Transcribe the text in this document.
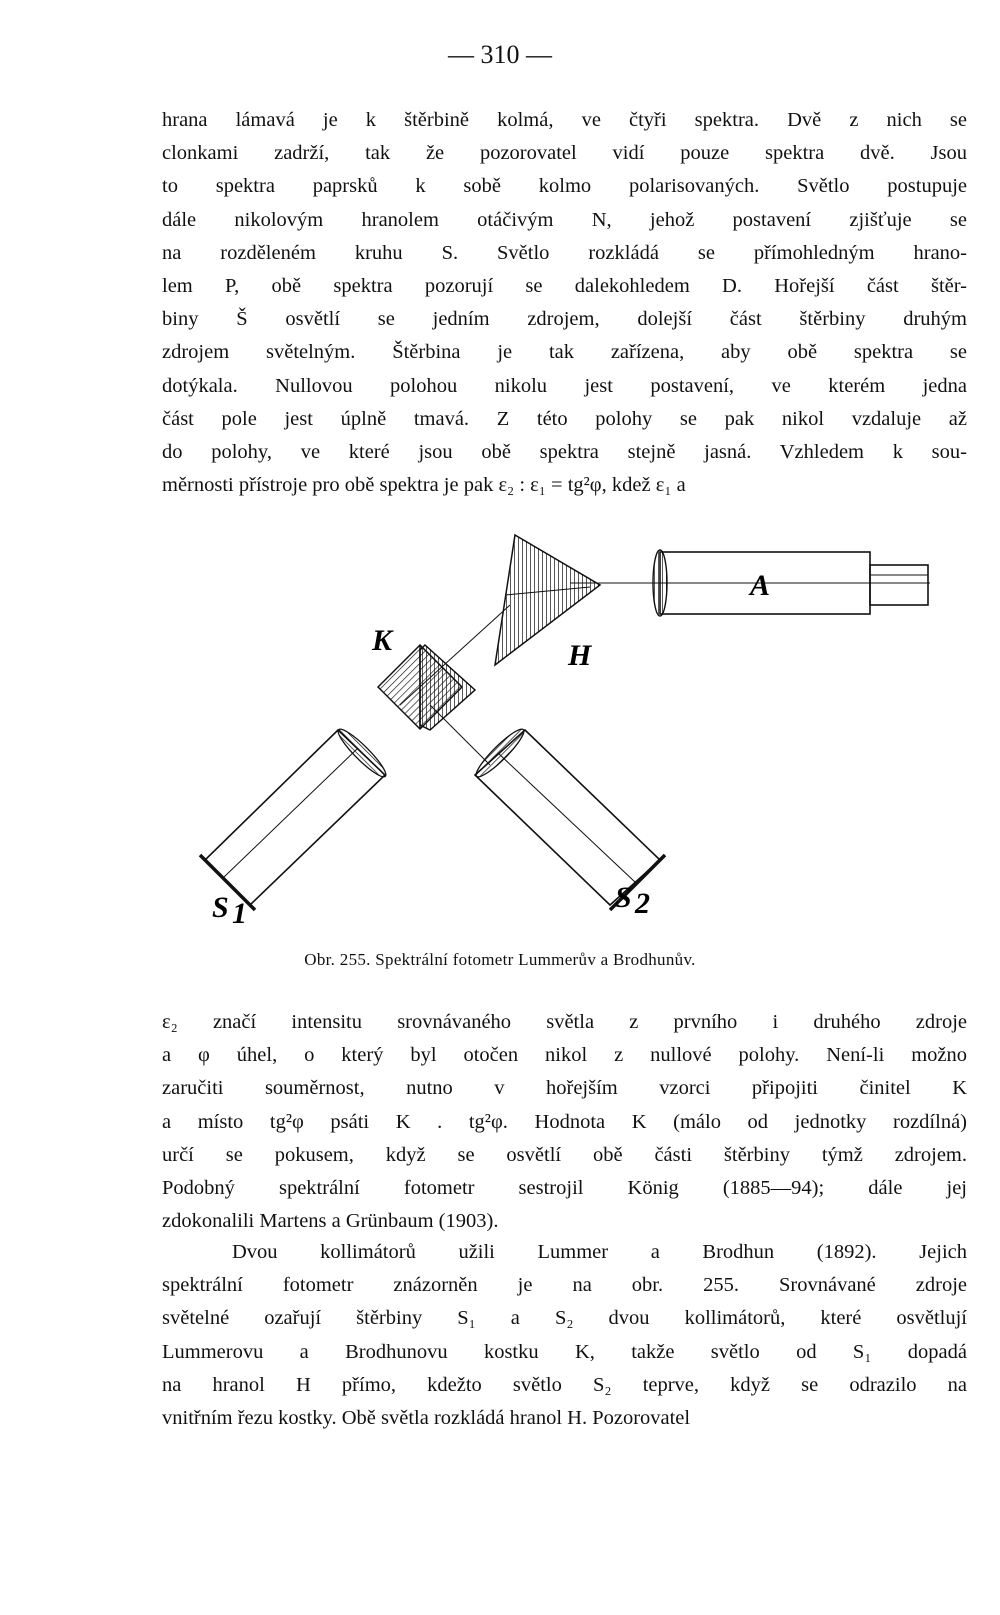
— 310 —
hrana lámavá je k štěrbině kolmá, ve čtyři spektra. Dvě z nich se
clonkami zadrží, tak že pozorovatel vidí pouze spektra dvě. Jsou
to spektra paprsků k sobě kolmo polarisovaných. Světlo postupuje
dále nikolovým hranolem otáčivým N, jehož postavení zjišťuje se
na rozděleném kruhu S. Světlo rozkládá se přímohledným hrano-
lem P, obě spektra pozorují se dalekohledem D. Hořejší část štěr-
biny Š osvětlí se jedním zdrojem, dolejší část štěrbiny druhým
zdrojem světelným. Štěrbina je tak zařízena, aby obě spektra se
dotýkala. Nullovou polohou nikolu jest postavení, ve kterém jedna
část pole jest úplně tmavá. Z této polohy se pak nikol vzdaluje až
do polohy, ve které jsou obě spektra stejně jasná. Vzhledem k sou-
měrnosti přístroje pro obě spektra je pak ε₂ : ε₁ = tg²φ, kdež ε₁ a
A
H
K
S 1	S 2
Obr. 255. Spektrální fotometr Lummerův a Brodhunův.
ε₂ značí intensitu srovnávaného světla z prvního i druhého zdroje
a φ úhel, o který byl otočen nikol z nullové polohy. Není-li možno
zaručiti souměrnost, nutno v hořejším vzorci připojiti činitel K
a místo tg²φ psáti K . tg²φ. Hodnota K (málo od jednotky rozdílná)
určí se pokusem, když se osvětlí obě části štěrbiny týmž zdrojem.
Podobný spektrální fotometr sestrojil König (1885—94); dále jej
zdokonalili Martens a Grünbaum (1903).
Dvou kollimátorů užili Lummer a Brodhun (1892). Jejich
spektrální fotometr znázorněn je na obr. 255. Srovnávané zdroje
světelné ozařují štěrbiny S₁ a S₂ dvou kollimátorů, které osvětlují
Lummerovu a Brodhunovu kostku K, takže světlo od S₁ dopadá
na hranol H přímo, kdežto světlo S₂ teprve, když se odrazilo na
vnitřním řezu kostky. Obě světla rozkládá hranol H. Pozorovatel
